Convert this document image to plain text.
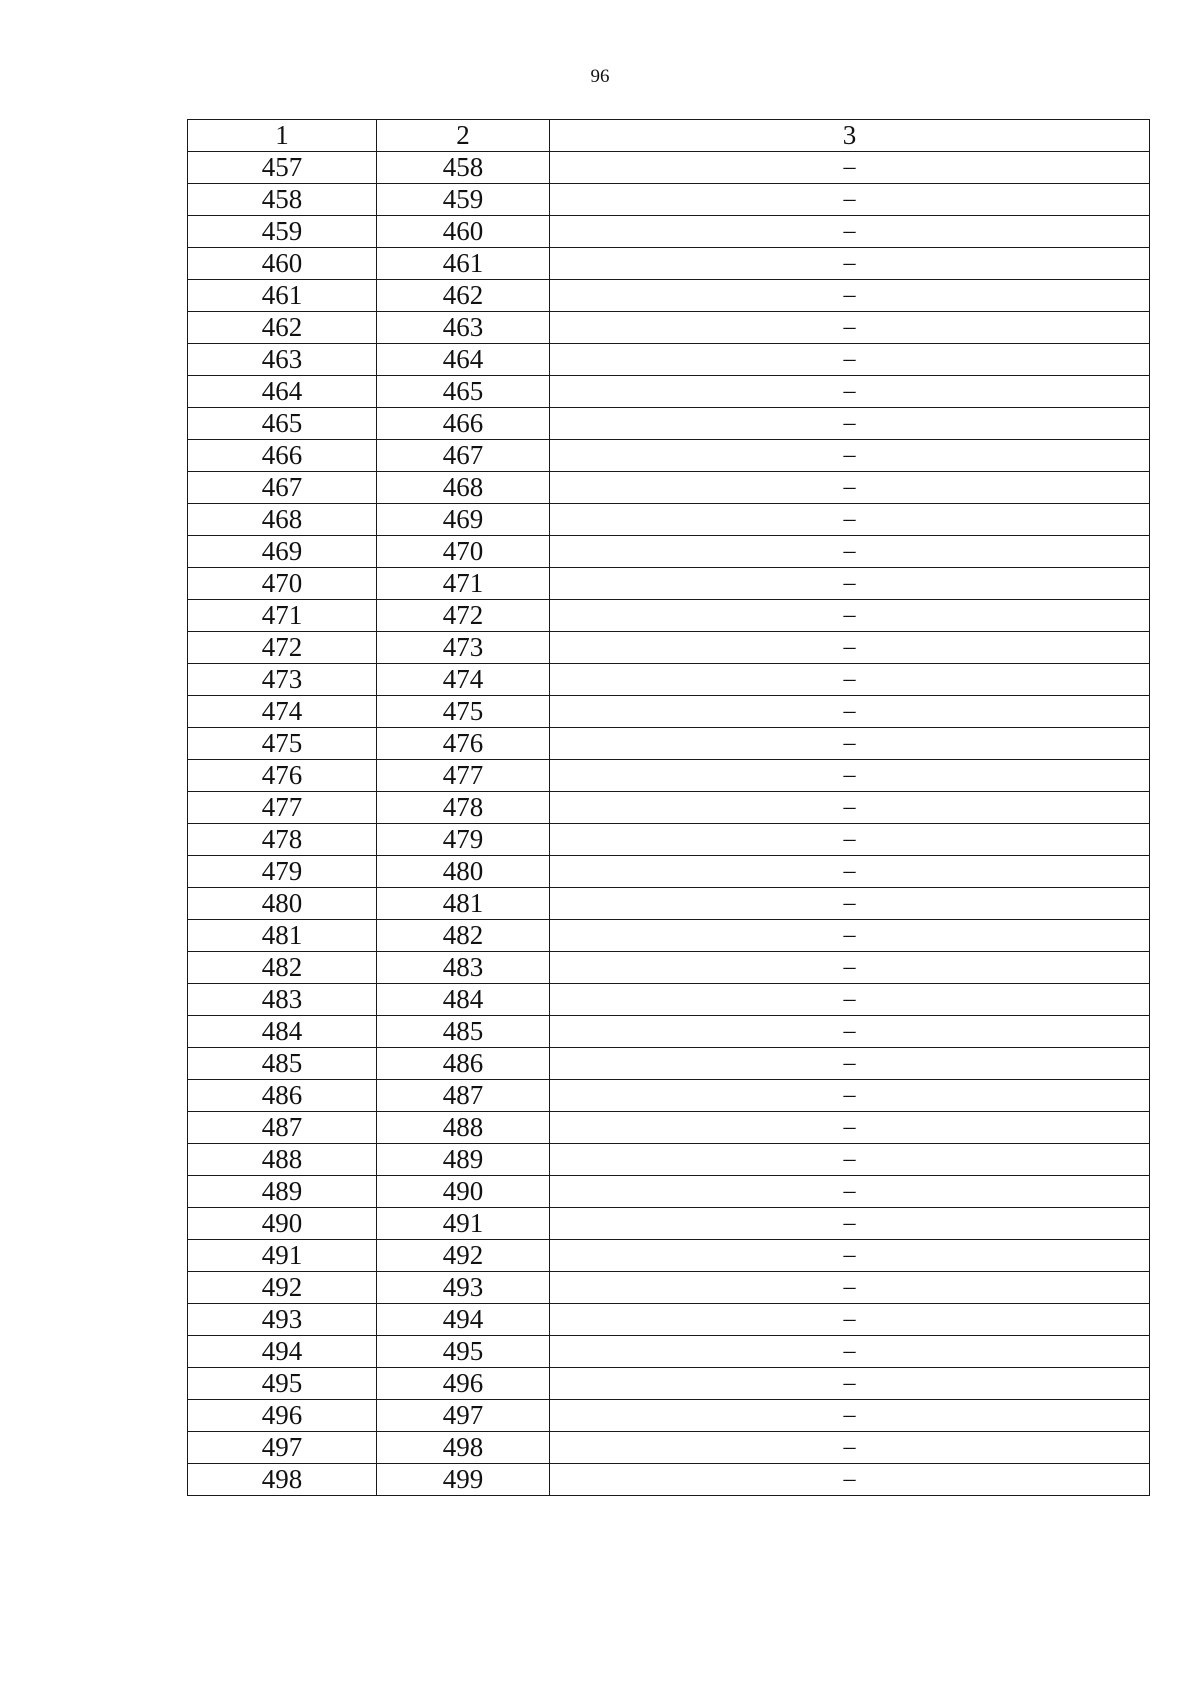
96
1	2	3
457	458	–
458	459	–
459	460	–
460	461	–
461	462	–
462	463	–
463	464	–
464	465	–
465	466	–
466	467	–
467	468	–
468	469	–
469	470	–
470	471	–
471	472	–
472	473	–
473	474	–
474	475	–
475	476	–
476	477	–
477	478	–
478	479	–
479	480	–
480	481	–
481	482	–
482	483	–
483	484	–
484	485	–
485	486	–
486	487	–
487	488	–
488	489	–
489	490	–
490	491	–
491	492	–
492	493	–
493	494	–
494	495	–
495	496	–
496	497	–
497	498	–
498	499	–
